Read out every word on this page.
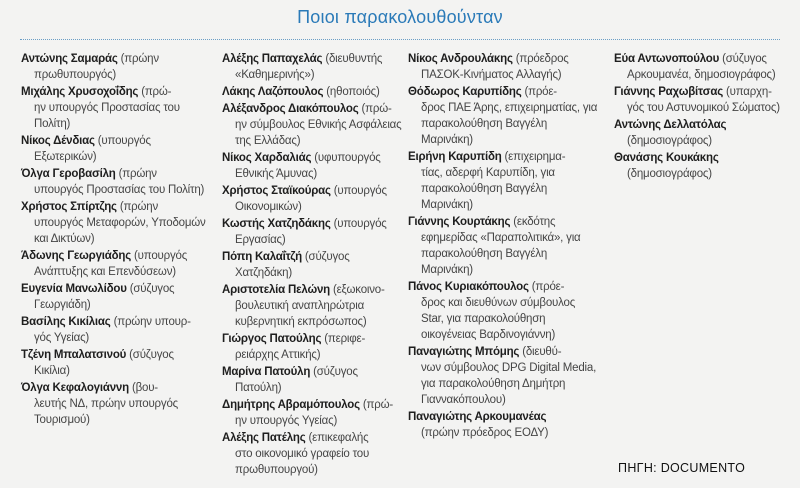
Ποιοι παρακολουθούνταν
Αντώνης Σαμαράς (πρώην
πρωθυπουργός)
Μιχάλης Χρυσοχοΐδης (πρώ-
ην υπουργός Προστασίας του Πολίτη)
Νίκος Δένδιας (υπουργός
Εξωτερικών)
Όλγα Γεροβασίλη (πρώην
υπουργός Προστασίας του Πολίτη)
Χρήστος Σπίρτζης (πρώην
υπουργός Μεταφορών, Υποδομών και Δικτύων)
Άδωνης Γεωργιάδης (υπουργός
Ανάπτυξης και Επενδύσεων)
Ευγενία Μανωλίδου (σύζυγος
Γεωργιάδη)
Βασίλης Κικίλιας (πρώην υπουρ-
γός Υγείας)
Τζένη Μπαλατσινού (σύζυγος
Κικίλια)
Όλγα Κεφαλογιάννη (βου-
λευτής ΝΔ, πρώην υπουργός Τουρισμού)
Αλέξης Παπαχελάς (διευθυντής
«Καθημερινής»)
Λάκης Λαζόπουλος (ηθοποιός)
Αλέξανδρος Διακόπουλος (πρώ-
ην σύμβουλος Εθνικής Ασφάλειας της Ελλάδας)
Νίκος Χαρδαλιάς (υφυπουργός
Εθνικής Άμυνας)
Χρήστος Σταϊκούρας (υπουργός
Οικονομικών)
Κωστής Χατζηδάκης (υπουργός
Εργασίας)
Πόπη Καλαΐτζή (σύζυγος
Χατζηδάκη)
Αριστοτελία Πελώνη (εξωκοινο-
βουλευτική αναπληρώτρια κυβερνητική εκπρόσωπος)
Γιώργος Πατούλης (περιφε-
ρειάρχης Αττικής)
Μαρίνα Πατούλη (σύζυγος
Πατούλη)
Δημήτρης Αβραμόπουλος (πρώ-
ην υπουργός Υγείας)
Αλέξης Πατέλης (επικεφαλής
στο οικονομικό γραφείο του πρωθυπουργού)
Νίκος Ανδρουλάκης (πρόεδρος
ΠΑΣΟΚ-Κινήματος Αλλαγής)
Θόδωρος Καρυπίδης (πρόε-
δρος ΠΑΕ Άρης, επιχειρηματίας, για παρακολούθηση Βαγγέλη Μαρινάκη)
Ειρήνη Καρυπίδη (επιχειρημα-
τίας, αδερφή Καρυπίδη, για παρακολούθηση Βαγγέλη Μαρινάκη)
Γιάννης Κουρτάκης (εκδότης
εφημερίδας «Παραπολιτικά», για παρακολούθηση Βαγγέλη Μαρινάκη)
Πάνος Κυριακόπουλος (πρόε-
δρος και διευθύνων σύμβουλος Star, για παρακολούθηση οικογένειας Βαρδινογιάννη)
Παναγιώτης Μπόμης (διευθύ-
νων σύμβουλος DPG Digital Media, για παρακολούθηση Δημήτρη Γιαννακόπουλου)
Παναγιώτης Αρκουμανέας
(πρώην πρόεδρος ΕΟΔΥ)
Εύα Αντωνοπούλου (σύζυγος
Αρκουμανέα, δημοσιογράφος)
Γιάννης Ραχωβίτσας (υπαρχη-
γός του Αστυνομικού Σώματος)
Αντώνης Δελλατόλας
(δημοσιογράφος)
Θανάσης Κουκάκης
(δημοσιογράφος)
ΠΗΓΗ: DOCUMENTO
